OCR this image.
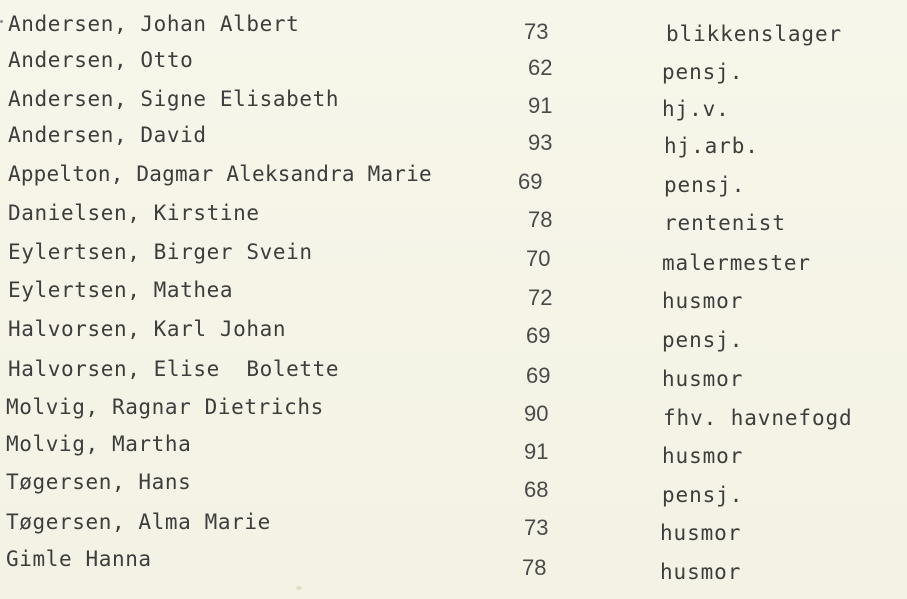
Andersen, Johan Albert	73	blikkenslager
Andersen, Otto	62	pensj.
Andersen, Signe Elisabeth	91	hj.v.
Andersen, David	93	hj.arb.
Appelton, Dagmar Aleksandra Marie	69	pensj.
Danielsen, Kirstine	78	rentenist
Eylertsen, Birger Svein	70	malermester
Eylertsen, Mathea	72	husmor
Halvorsen, Karl Johan	69	pensj.
Halvorsen, Elise  Bolette	69	husmor
Molvig, Ragnar Dietrichs	90	fhv. havnefogd
Molvig, Martha	91	husmor
Tøgersen, Hans	68	pensj.
Tøgersen, Alma Marie	73	husmor
Gimle Hanna	78	husmor
